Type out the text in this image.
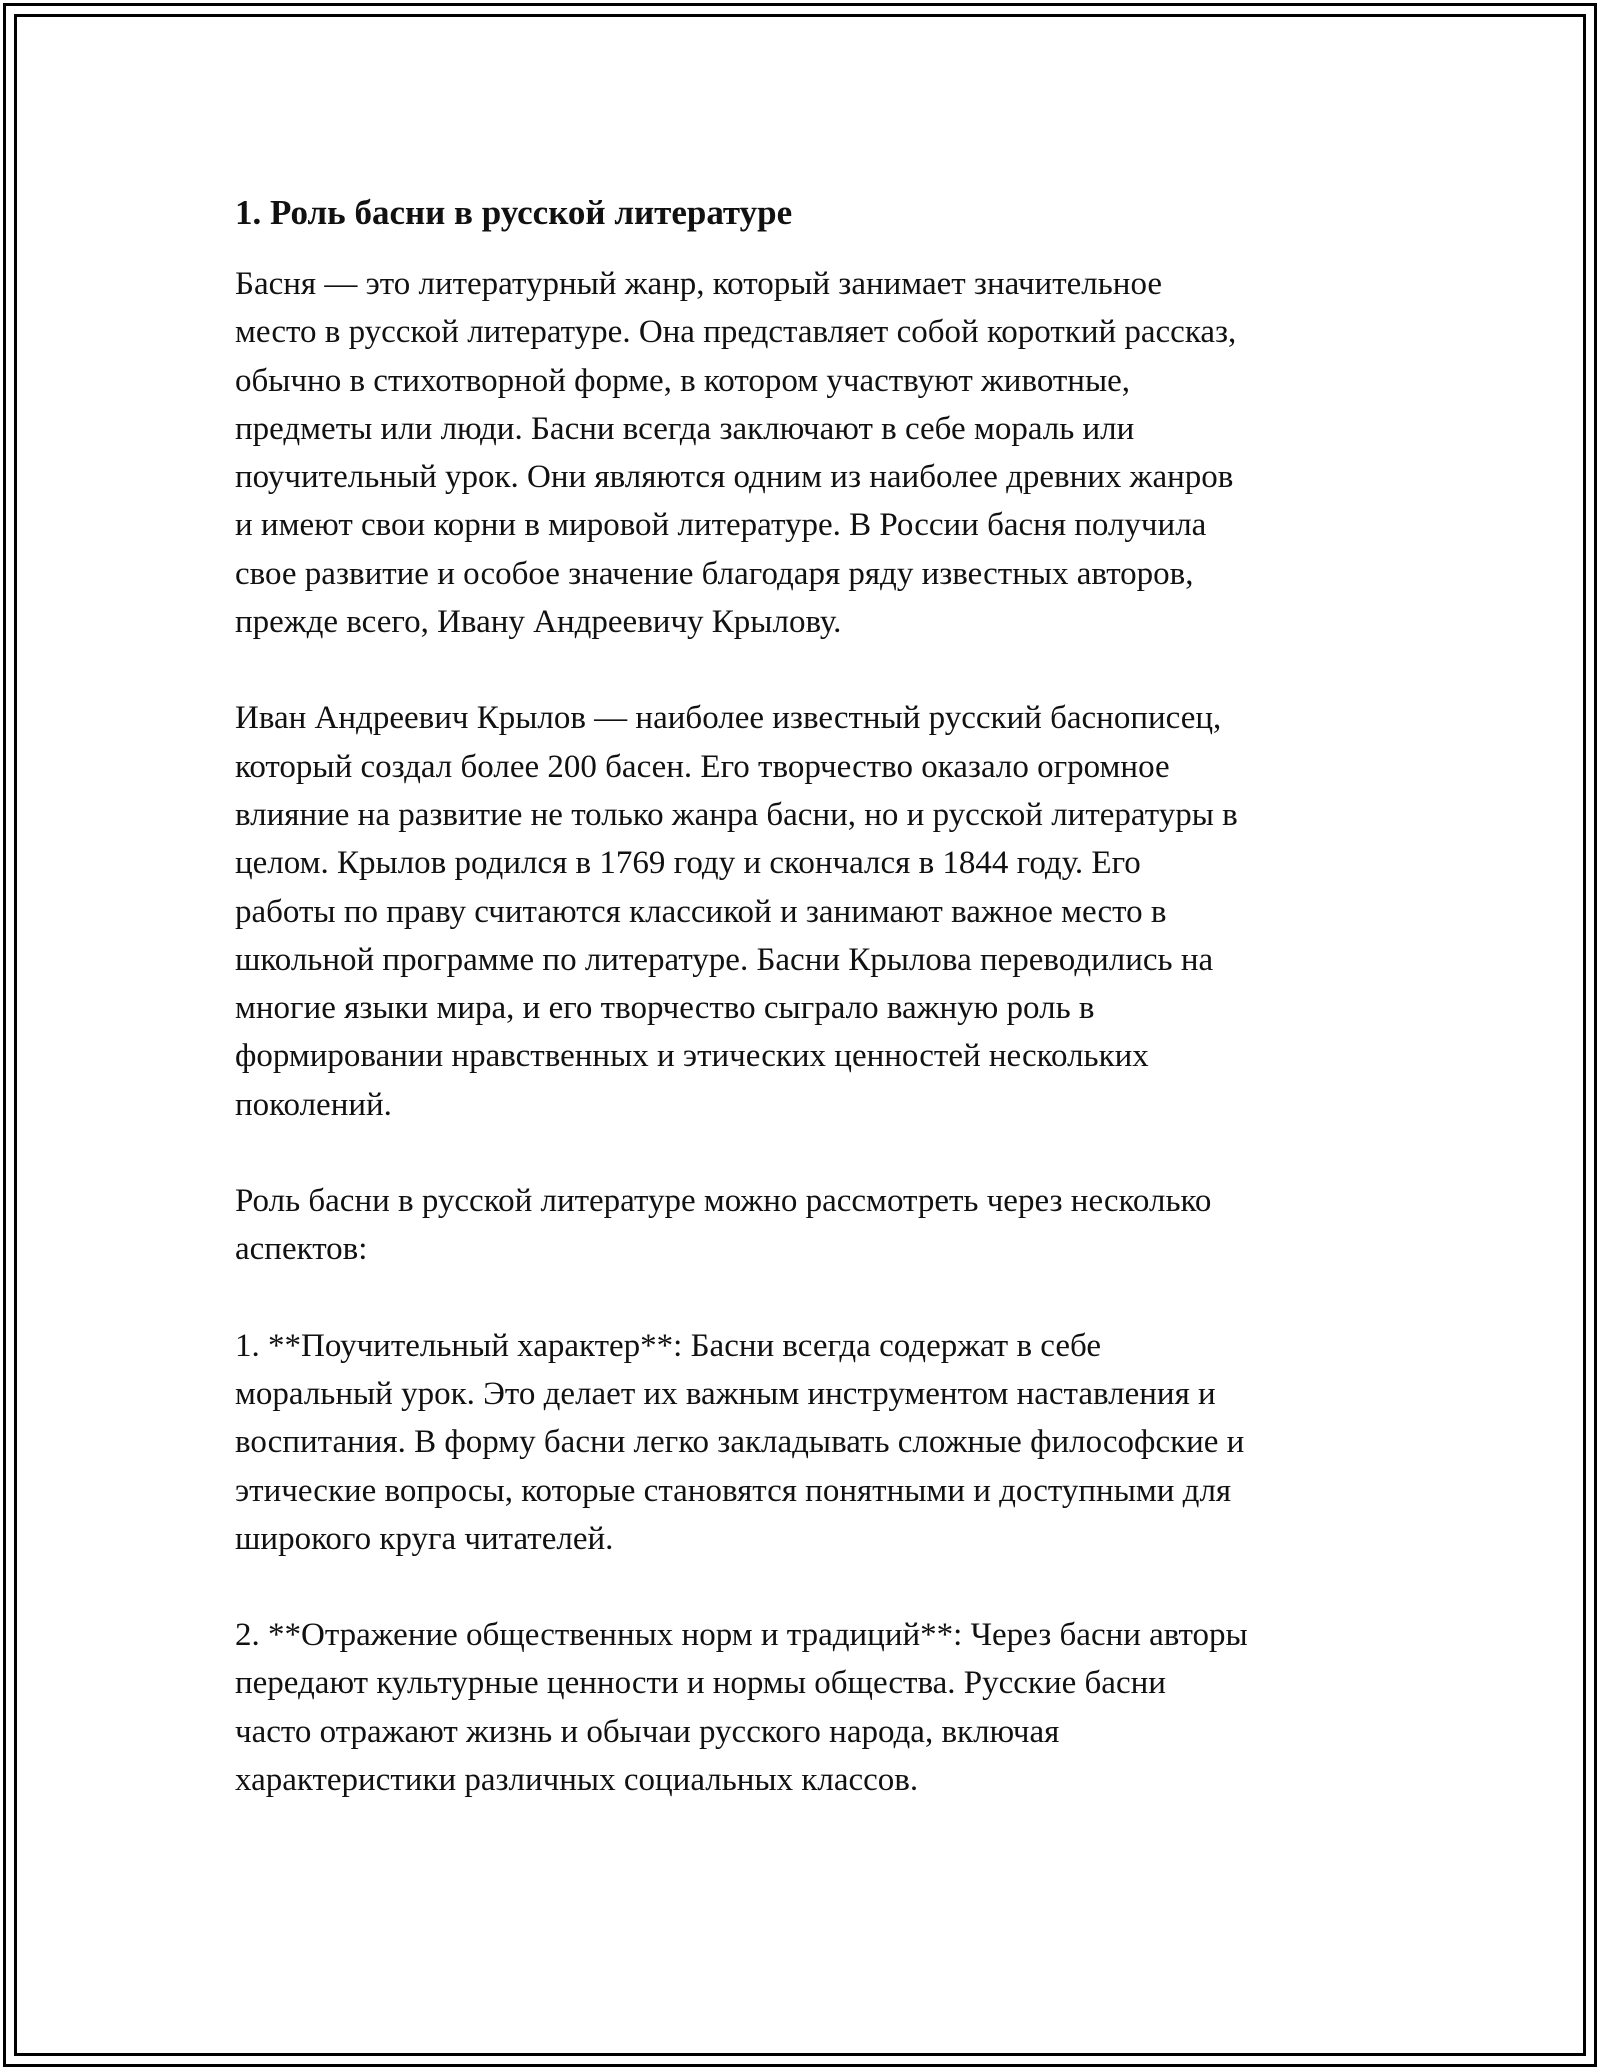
1. Роль басни в русской литературе

Басня — это литературный жанр, который занимает значительное
место в русской литературе. Она представляет собой короткий рассказ,
обычно в стихотворной форме, в котором участвуют животные,
предметы или люди. Басни всегда заключают в себе мораль или
поучительный урок. Они являются одним из наиболее древних жанров
и имеют свои корни в мировой литературе. В России басня получила
свое развитие и особое значение благодаря ряду известных авторов,
прежде всего, Ивану Андреевичу Крылову.

Иван Андреевич Крылов — наиболее известный русский баснописец,
который создал более 200 басен. Его творчество оказало огромное
влияние на развитие не только жанра басни, но и русской литературы в
целом. Крылов родился в 1769 году и скончался в 1844 году. Его
работы по праву считаются классикой и занимают важное место в
школьной программе по литературе. Басни Крылова переводились на
многие языки мира, и его творчество сыграло важную роль в
формировании нравственных и этических ценностей нескольких
поколений.

Роль басни в русской литературе можно рассмотреть через несколько
аспектов:

1. **Поучительный характер**: Басни всегда содержат в себе
моральный урок. Это делает их важным инструментом наставления и
воспитания. В форму басни легко закладывать сложные философские и
этические вопросы, которые становятся понятными и доступными для
широкого круга читателей.

2. **Отражение общественных норм и традиций**: Через басни авторы
передают культурные ценности и нормы общества. Русские басни
часто отражают жизнь и обычаи русского народа, включая
характеристики различных социальных классов.
